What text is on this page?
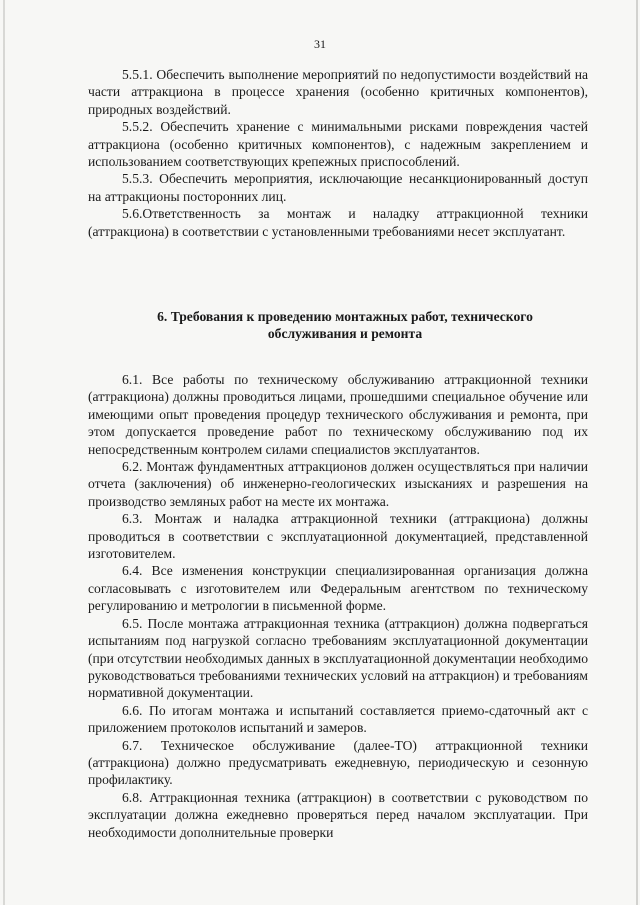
31

5.5.1. Обеспечить выполнение мероприятий по недопустимости воздействий на части аттракциона в процессе хранения (особенно критичных компонентов), природных воздействий.

5.5.2. Обеспечить хранение с минимальными рисками повреждения частей аттракциона (особенно критичных компонентов), с надежным закреплением и использованием соответствующих крепежных приспособлений.

5.5.3. Обеспечить мероприятия, исключающие несанкционированный доступ на аттракционы посторонних лиц.

5.6.Ответственность за монтаж и наладку аттракционной техники (аттракциона) в соответствии с установленными требованиями несет эксплуатант.

6. Требования к проведению монтажных работ, технического
обслуживания и ремонта

6.1. Все работы по техническому обслуживанию аттракционной техники (аттракциона) должны проводиться лицами, прошедшими специальное обучение или имеющими опыт проведения процедур технического обслуживания и ремонта, при этом допускается проведение работ по техническому обслуживанию под их непосредственным контролем силами специалистов эксплуатантов.

6.2. Монтаж фундаментных аттракционов должен осуществляться при наличии отчета (заключения) об инженерно-геологических изысканиях и разрешения на производство земляных работ на месте их монтажа.

6.3. Монтаж и наладка аттракционной техники (аттракциона) должны проводиться в соответствии с эксплуатационной документацией, представленной изготовителем.

6.4. Все изменения конструкции специализированная организация должна согласовывать с изготовителем или Федеральным агентством по техническому регулированию и метрологии в письменной форме.

6.5. После монтажа аттракционная техника (аттракцион) должна подвергаться испытаниям под нагрузкой согласно требованиям эксплуатационной документации (при отсутствии необходимых данных в эксплуатационной документации необходимо руководствоваться требованиями технических условий на аттракцион) и требованиям нормативной документации.

6.6. По итогам монтажа и испытаний составляется приемо-сдаточный акт с приложением протоколов испытаний и замеров.

6.7. Техническое обслуживание (далее-ТО) аттракционной техники (аттракциона) должно предусматривать ежедневную, периодическую и сезонную профилактику.

6.8. Аттракционная техника (аттракцион) в соответствии с руководством по эксплуатации должна ежедневно проверяться перед началом эксплуатации. При необходимости дополнительные проверки
